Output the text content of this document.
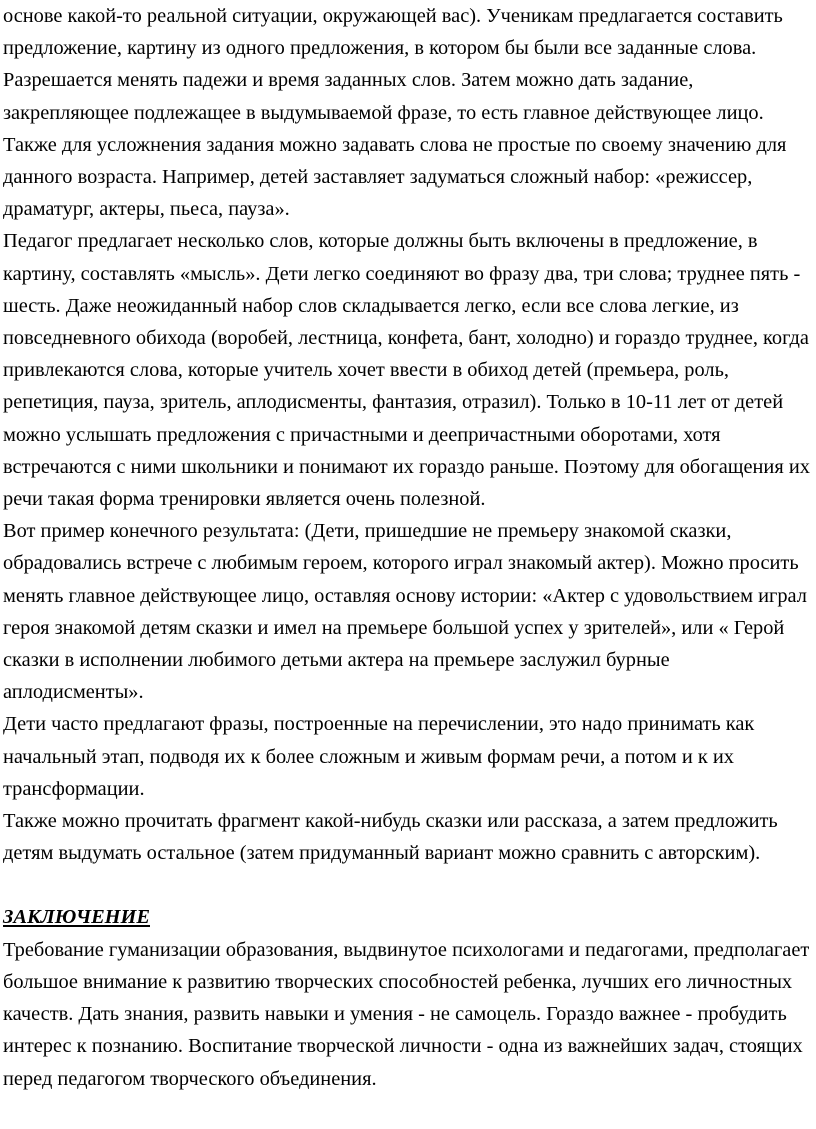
основе какой-то реальной ситуации, окружающей вас). Ученикам предлагается составить предложение, картину из одного предложения, в котором бы были все заданные слова. Разрешается менять падежи и время заданных слов. Затем можно дать задание, закрепляющее подлежащее в выдумываемой фразе, то есть главное действующее лицо. Также для усложнения задания можно задавать слова не простые по своему значению для данного возраста. Например, детей заставляет задуматься сложный набор: «режиссер, драматург, актеры, пьеса, пауза».

Педагог предлагает несколько слов, которые должны быть включены в предложение, в картину, составлять «мысль». Дети легко соединяют во фразу два, три слова; труднее пять - шесть. Даже неожиданный набор слов складывается легко, если все слова легкие, из повседневного обихода (воробей, лестница, конфета, бант, холодно) и гораздо труднее, когда привлекаются слова, которые учитель хочет ввести в обиход детей (премьера, роль, репетиция, пауза, зритель, аплодисменты, фантазия, отразил). Только в 10-11 лет от детей можно услышать предложения с причастными и деепричастными оборотами, хотя встречаются с ними школьники и понимают их гораздо раньше. Поэтому для обогащения их речи такая форма тренировки является очень полезной.

Вот пример конечного результата: (Дети, пришедшие не премьеру знакомой сказки, обрадовались встрече с любимым героем, которого играл знакомый актер). Можно просить менять главное действующее лицо, оставляя основу истории: «Актер с удовольствием играл героя знакомой детям сказки и имел на премьере большой успех у зрителей», или « Герой сказки в исполнении любимого детьми актера на премьере заслужил бурные аплодисменты».

Дети часто предлагают фразы, построенные на перечислении, это надо принимать как начальный этап, подводя их к более сложным и живым формам речи, а потом и к их трансформации.

Также можно прочитать фрагмент какой-нибудь сказки или рассказа, а затем предложить детям выдумать остальное (затем придуманный вариант можно сравнить с авторским).

ЗАКЛЮЧЕНИЕ

Требование гуманизации образования, выдвинутое психологами и педагогами, предполагает большое внимание к развитию творческих способностей ребенка, лучших его личностных качеств. Дать знания, развить навыки и умения - не самоцель. Гораздо важнее - пробудить интерес к познанию. Воспитание творческой личности - одна из важнейших задач, стоящих перед педагогом творческого объединения.
